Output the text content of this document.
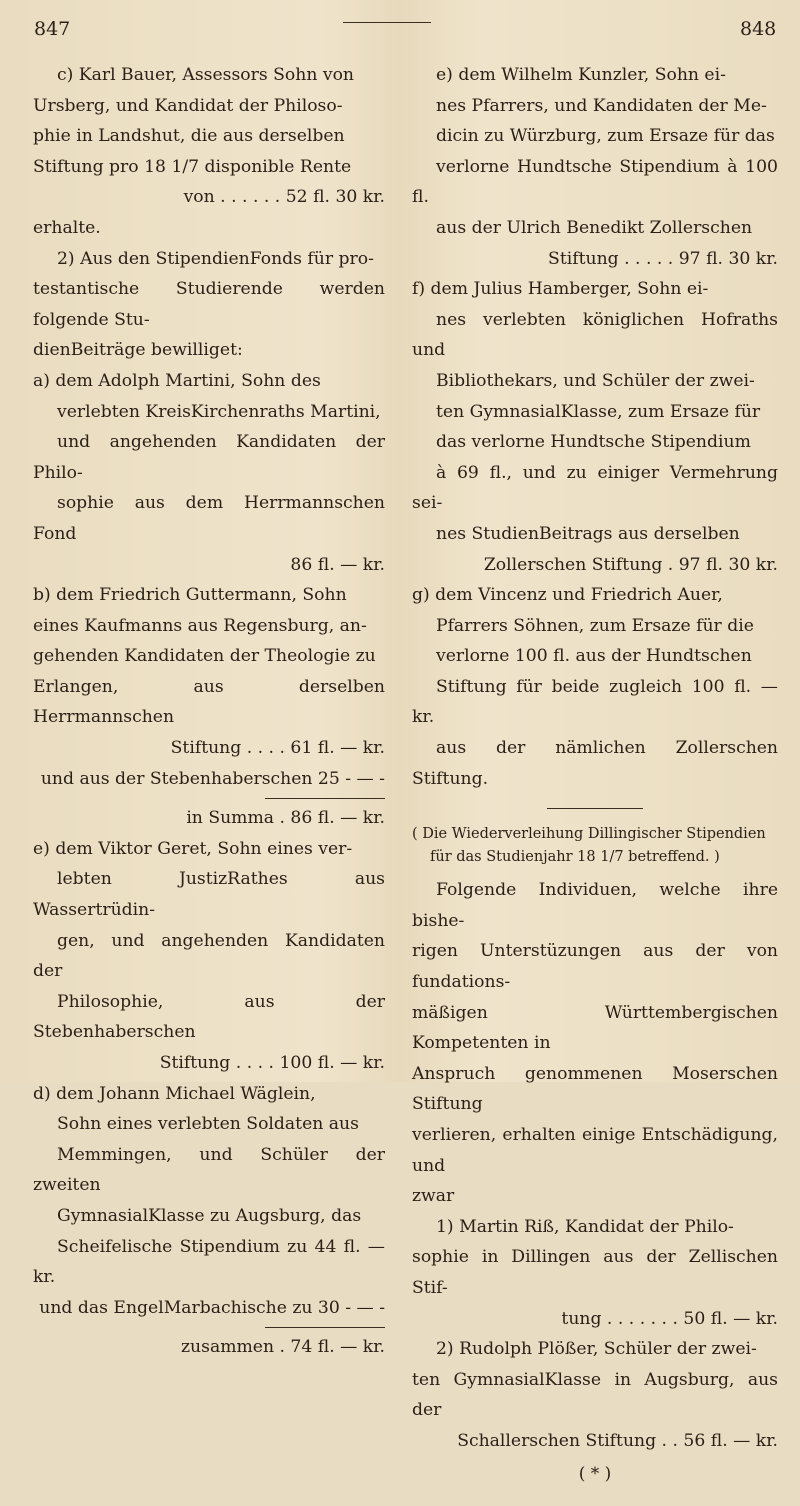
847	848

c) Karl Bauer, Assessors Sohn von

Ursberg, und Kandidat der Philoso-

phie in Landshut, die aus derselben

Stiftung pro 18 1/7 disponible Rente

von . . . . . . 52 fl. 30 kr.

erhalte.

2) Aus den StipendienFonds für pro-

testantische Studierende werden folgende Stu-

dienBeiträge bewilliget:

a) dem Adolph Martini, Sohn des

verlebten KreisKirchenraths Martini,

und angehenden Kandidaten der Philo-

sophie aus dem Herrmannschen Fond

86 fl. — kr.

b) dem Friedrich Guttermann, Sohn

eines Kaufmanns aus Regensburg, an-

gehenden Kandidaten der Theologie zu

Erlangen, aus derselben Herrmannschen

Stiftung . . . . 61 fl. — kr.

und aus der Stebenhaberschen 25 - — -

in Summa . 86 fl. — kr.

e) dem Viktor Geret, Sohn eines ver-

lebten JustizRathes aus Wassertrüdin-

gen, und angehenden Kandidaten der

Philosophie, aus der Stebenhaberschen

Stiftung . . . . 100 fl. — kr.

d) dem Johann Michael Wäglein,

Sohn eines verlebten Soldaten aus

Memmingen, und Schüler der zweiten

GymnasialKlasse zu Augsburg, das

Scheifelische Stipendium zu 44 fl. — kr.

und das EngelMarbachische zu 30 - — -

zusammen . 74 fl. — kr.

e) dem Wilhelm Kunzler, Sohn ei-

nes Pfarrers, und Kandidaten der Me-

dicin zu Würzburg, zum Ersaze für das

verlorne Hundtsche Stipendium à 100 fl.

aus der Ulrich Benedikt Zollerschen

Stiftung . . . . . 97 fl. 30 kr.

f) dem Julius Hamberger, Sohn ei-

nes verlebten königlichen Hofraths und

Bibliothekars, und Schüler der zwei-

ten GymnasialKlasse, zum Ersaze für

das verlorne Hundtsche Stipendium

à 69 fl., und zu einiger Vermehrung sei-

nes StudienBeitrags aus derselben

Zollerschen Stiftung . 97 fl. 30 kr.

g) dem Vincenz und Friedrich Auer,

Pfarrers Söhnen, zum Ersaze für die

verlorne 100 fl. aus der Hundtschen

Stiftung für beide zugleich 100 fl. — kr.

aus der nämlichen Zollerschen Stiftung.

( Die Wiederverleihung Dillingischer Stipendien

für das Studienjahr 18 1/7 betreffend. )

Folgende Individuen, welche ihre bishe-

rigen Unterstüzungen aus der von fundations-

mäßigen Württembergischen Kompetenten in

Anspruch genommenen Moserschen Stiftung

verlieren, erhalten einige Entschädigung, und

zwar

1) Martin Riß, Kandidat der Philo-

sophie in Dillingen aus der Zellischen Stif-

tung . . . . . . . 50 fl. — kr.

2) Rudolph Plößer, Schüler der zwei-

ten GymnasialKlasse in Augsburg, aus der

Schallerschen Stiftung . . 56 fl. — kr.

( * )
